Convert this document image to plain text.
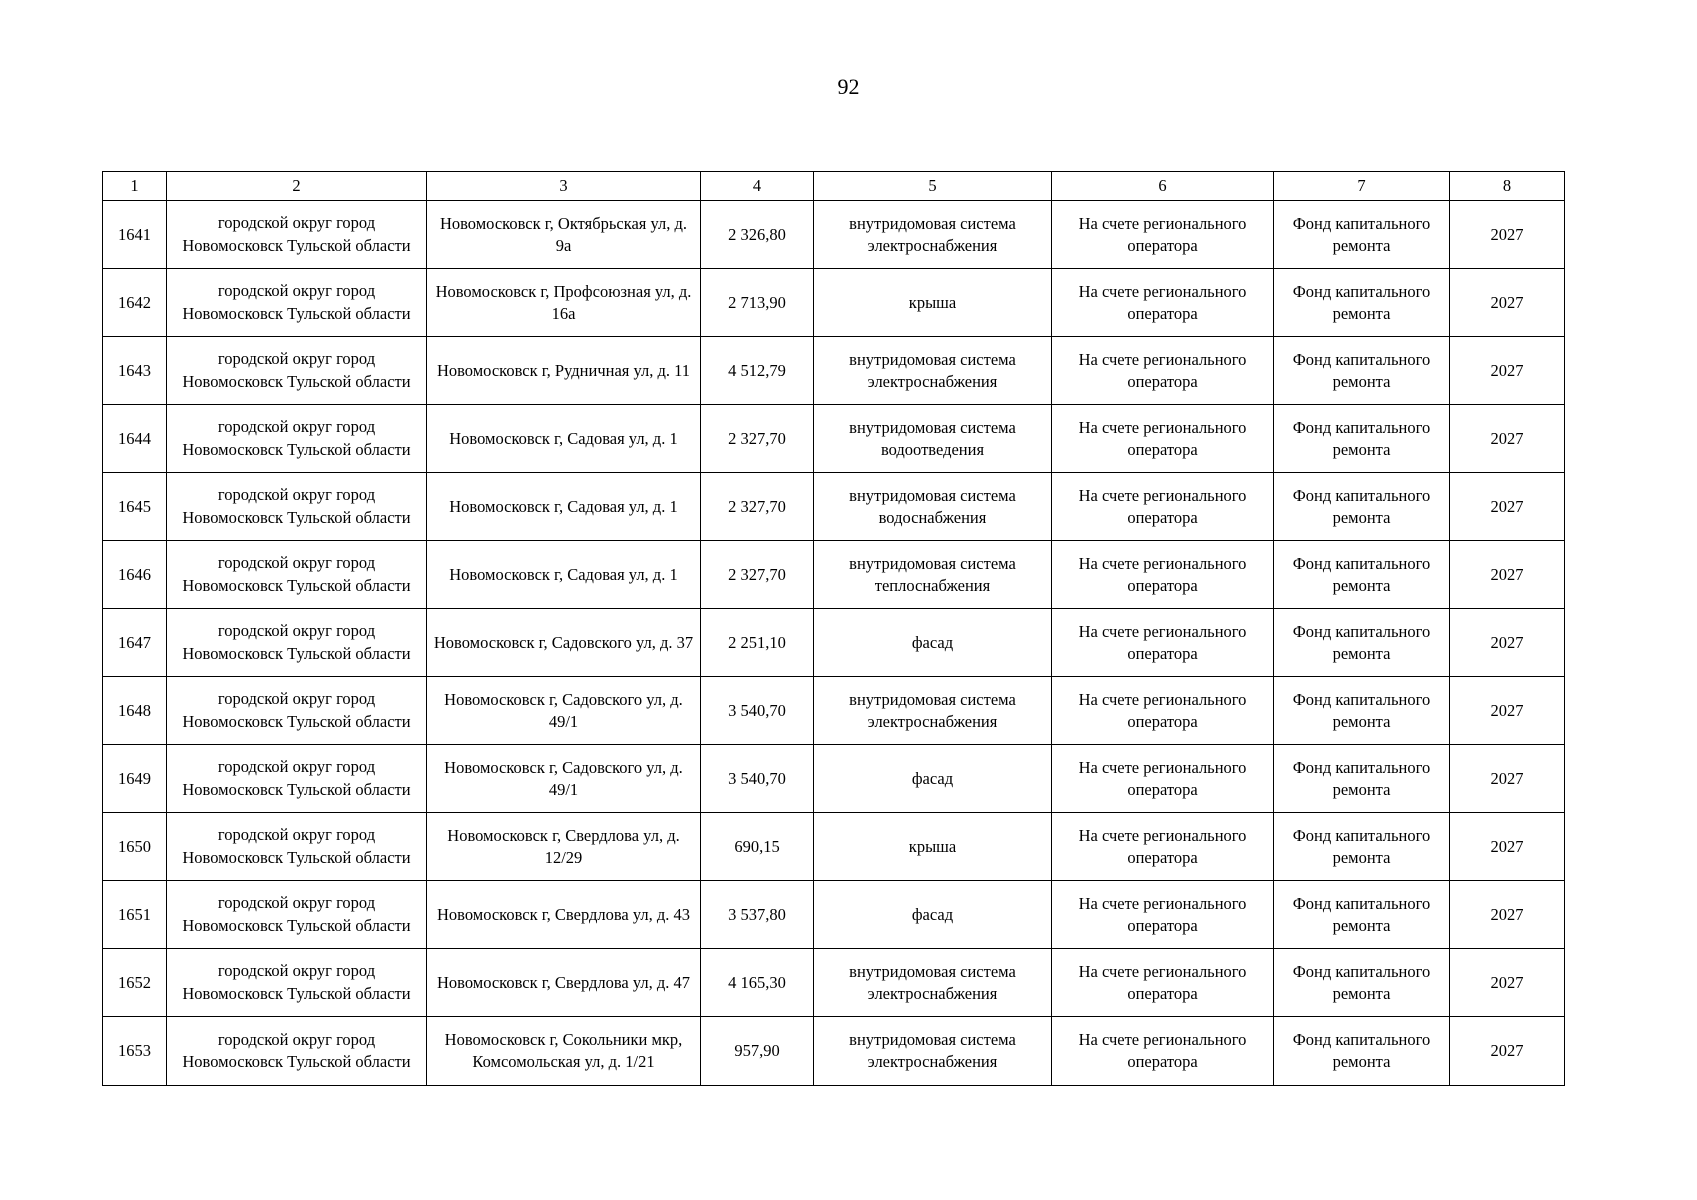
92
1	2	3	4	5	6	7	8
1641	городской округ город Новомосковск Тульской области	Новомосковск г, Октябрьская ул, д. 9а	2 326,80	внутридомовая система электроснабжения	На счете регионального оператора	Фонд капитального ремонта	2027
1642	городской округ город Новомосковск Тульской области	Новомосковск г, Профсоюзная ул, д. 16а	2 713,90	крыша	На счете регионального оператора	Фонд капитального ремонта	2027
1643	городской округ город Новомосковск Тульской области	Новомосковск г, Рудничная ул, д. 11	4 512,79	внутридомовая система электроснабжения	На счете регионального оператора	Фонд капитального ремонта	2027
1644	городской округ город Новомосковск Тульской области	Новомосковск г, Садовая ул, д. 1	2 327,70	внутридомовая система водоотведения	На счете регионального оператора	Фонд капитального ремонта	2027
1645	городской округ город Новомосковск Тульской области	Новомосковск г, Садовая ул, д. 1	2 327,70	внутридомовая система водоснабжения	На счете регионального оператора	Фонд капитального ремонта	2027
1646	городской округ город Новомосковск Тульской области	Новомосковск г, Садовая ул, д. 1	2 327,70	внутридомовая система теплоснабжения	На счете регионального оператора	Фонд капитального ремонта	2027
1647	городской округ город Новомосковск Тульской области	Новомосковск г, Садовского ул, д. 37	2 251,10	фасад	На счете регионального оператора	Фонд капитального ремонта	2027
1648	городской округ город Новомосковск Тульской области	Новомосковск г, Садовского ул, д. 49/1	3 540,70	внутридомовая система электроснабжения	На счете регионального оператора	Фонд капитального ремонта	2027
1649	городской округ город Новомосковск Тульской области	Новомосковск г, Садовского ул, д. 49/1	3 540,70	фасад	На счете регионального оператора	Фонд капитального ремонта	2027
1650	городской округ город Новомосковск Тульской области	Новомосковск г, Свердлова ул, д. 12/29	690,15	крыша	На счете регионального оператора	Фонд капитального ремонта	2027
1651	городской округ город Новомосковск Тульской области	Новомосковск г, Свердлова ул, д. 43	3 537,80	фасад	На счете регионального оператора	Фонд капитального ремонта	2027
1652	городской округ город Новомосковск Тульской области	Новомосковск г, Свердлова ул, д. 47	4 165,30	внутридомовая система электроснабжения	На счете регионального оператора	Фонд капитального ремонта	2027
1653	городской округ город Новомосковск Тульской области	Новомосковск г, Сокольники мкр, Комсомольская ул, д. 1/21	957,90	внутридомовая система электроснабжения	На счете регионального оператора	Фонд капитального ремонта	2027
